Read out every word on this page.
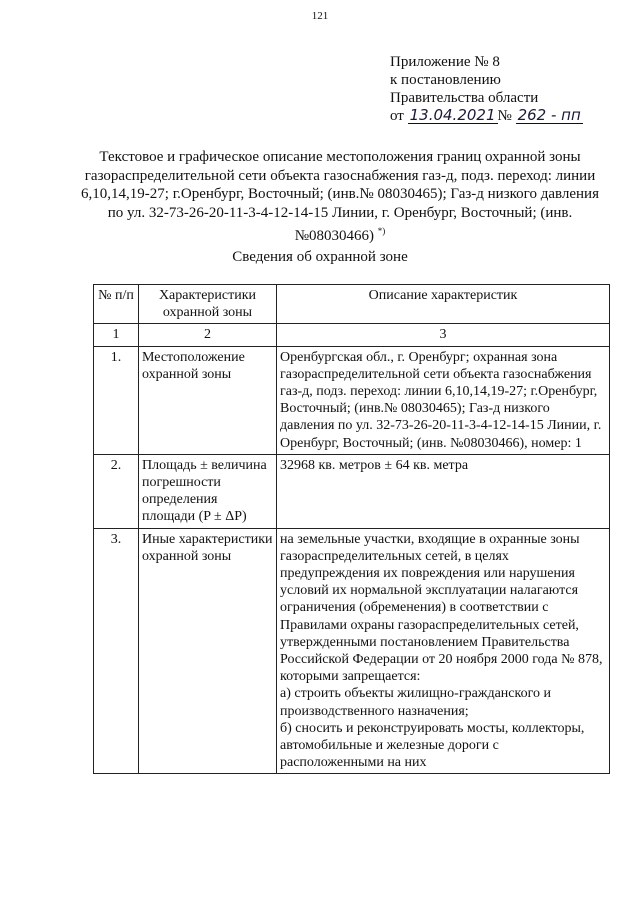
121
Приложение № 8
к постановлению
Правительства области
от 13.04.2021 № 262 - пп
Текстовое и графическое описание местоположения границ охранной зоны газораспределительной сети объекта газоснабжения газ-д, подз. переход: линии 6,10,14,19-27; г.Оренбург, Восточный; (инв.№ 08030465); Газ-д низкого давления по ул. 32-73-26-20-11-3-4-12-14-15 Линии, г. Оренбург, Восточный; (инв. №08030466) *)
Сведения об охранной зоне
№ п/п	Характеристики охранной зоны	Описание характеристик
1	2	3
1.	Местоположение охранной зоны	Оренбургская обл., г. Оренбург; охранная зона газораспределительной сети объекта газоснабжения газ-д, подз. переход: линии 6,10,14,19-27; г.Оренбург, Восточный; (инв.№ 08030465); Газ-д низкого давления по ул. 32-73-26-20-11-3-4-12-14-15 Линии, г. Оренбург, Восточный; (инв. №08030466), номер: 1
2.	Площадь ± величина погрешности определения площади (P ± ΔP)	32968 кв. метров ± 64 кв. метра
3.	Иные характеристики охранной зоны	на земельные участки, входящие в охранные зоны газораспределительных сетей, в целях предупреждения их повреждения или нарушения условий их нормальной эксплуатации налагаются ограничения (обременения) в соответствии с Правилами охраны газораспределительных сетей, утвержденными постановлением Правительства Российской Федерации от 20 ноября 2000 года № 878, которыми запрещается:
а) строить объекты жилищно-гражданского и производственного назначения;
б) сносить и реконструировать мосты, коллекторы, автомобильные и железные дороги с расположенными на них
